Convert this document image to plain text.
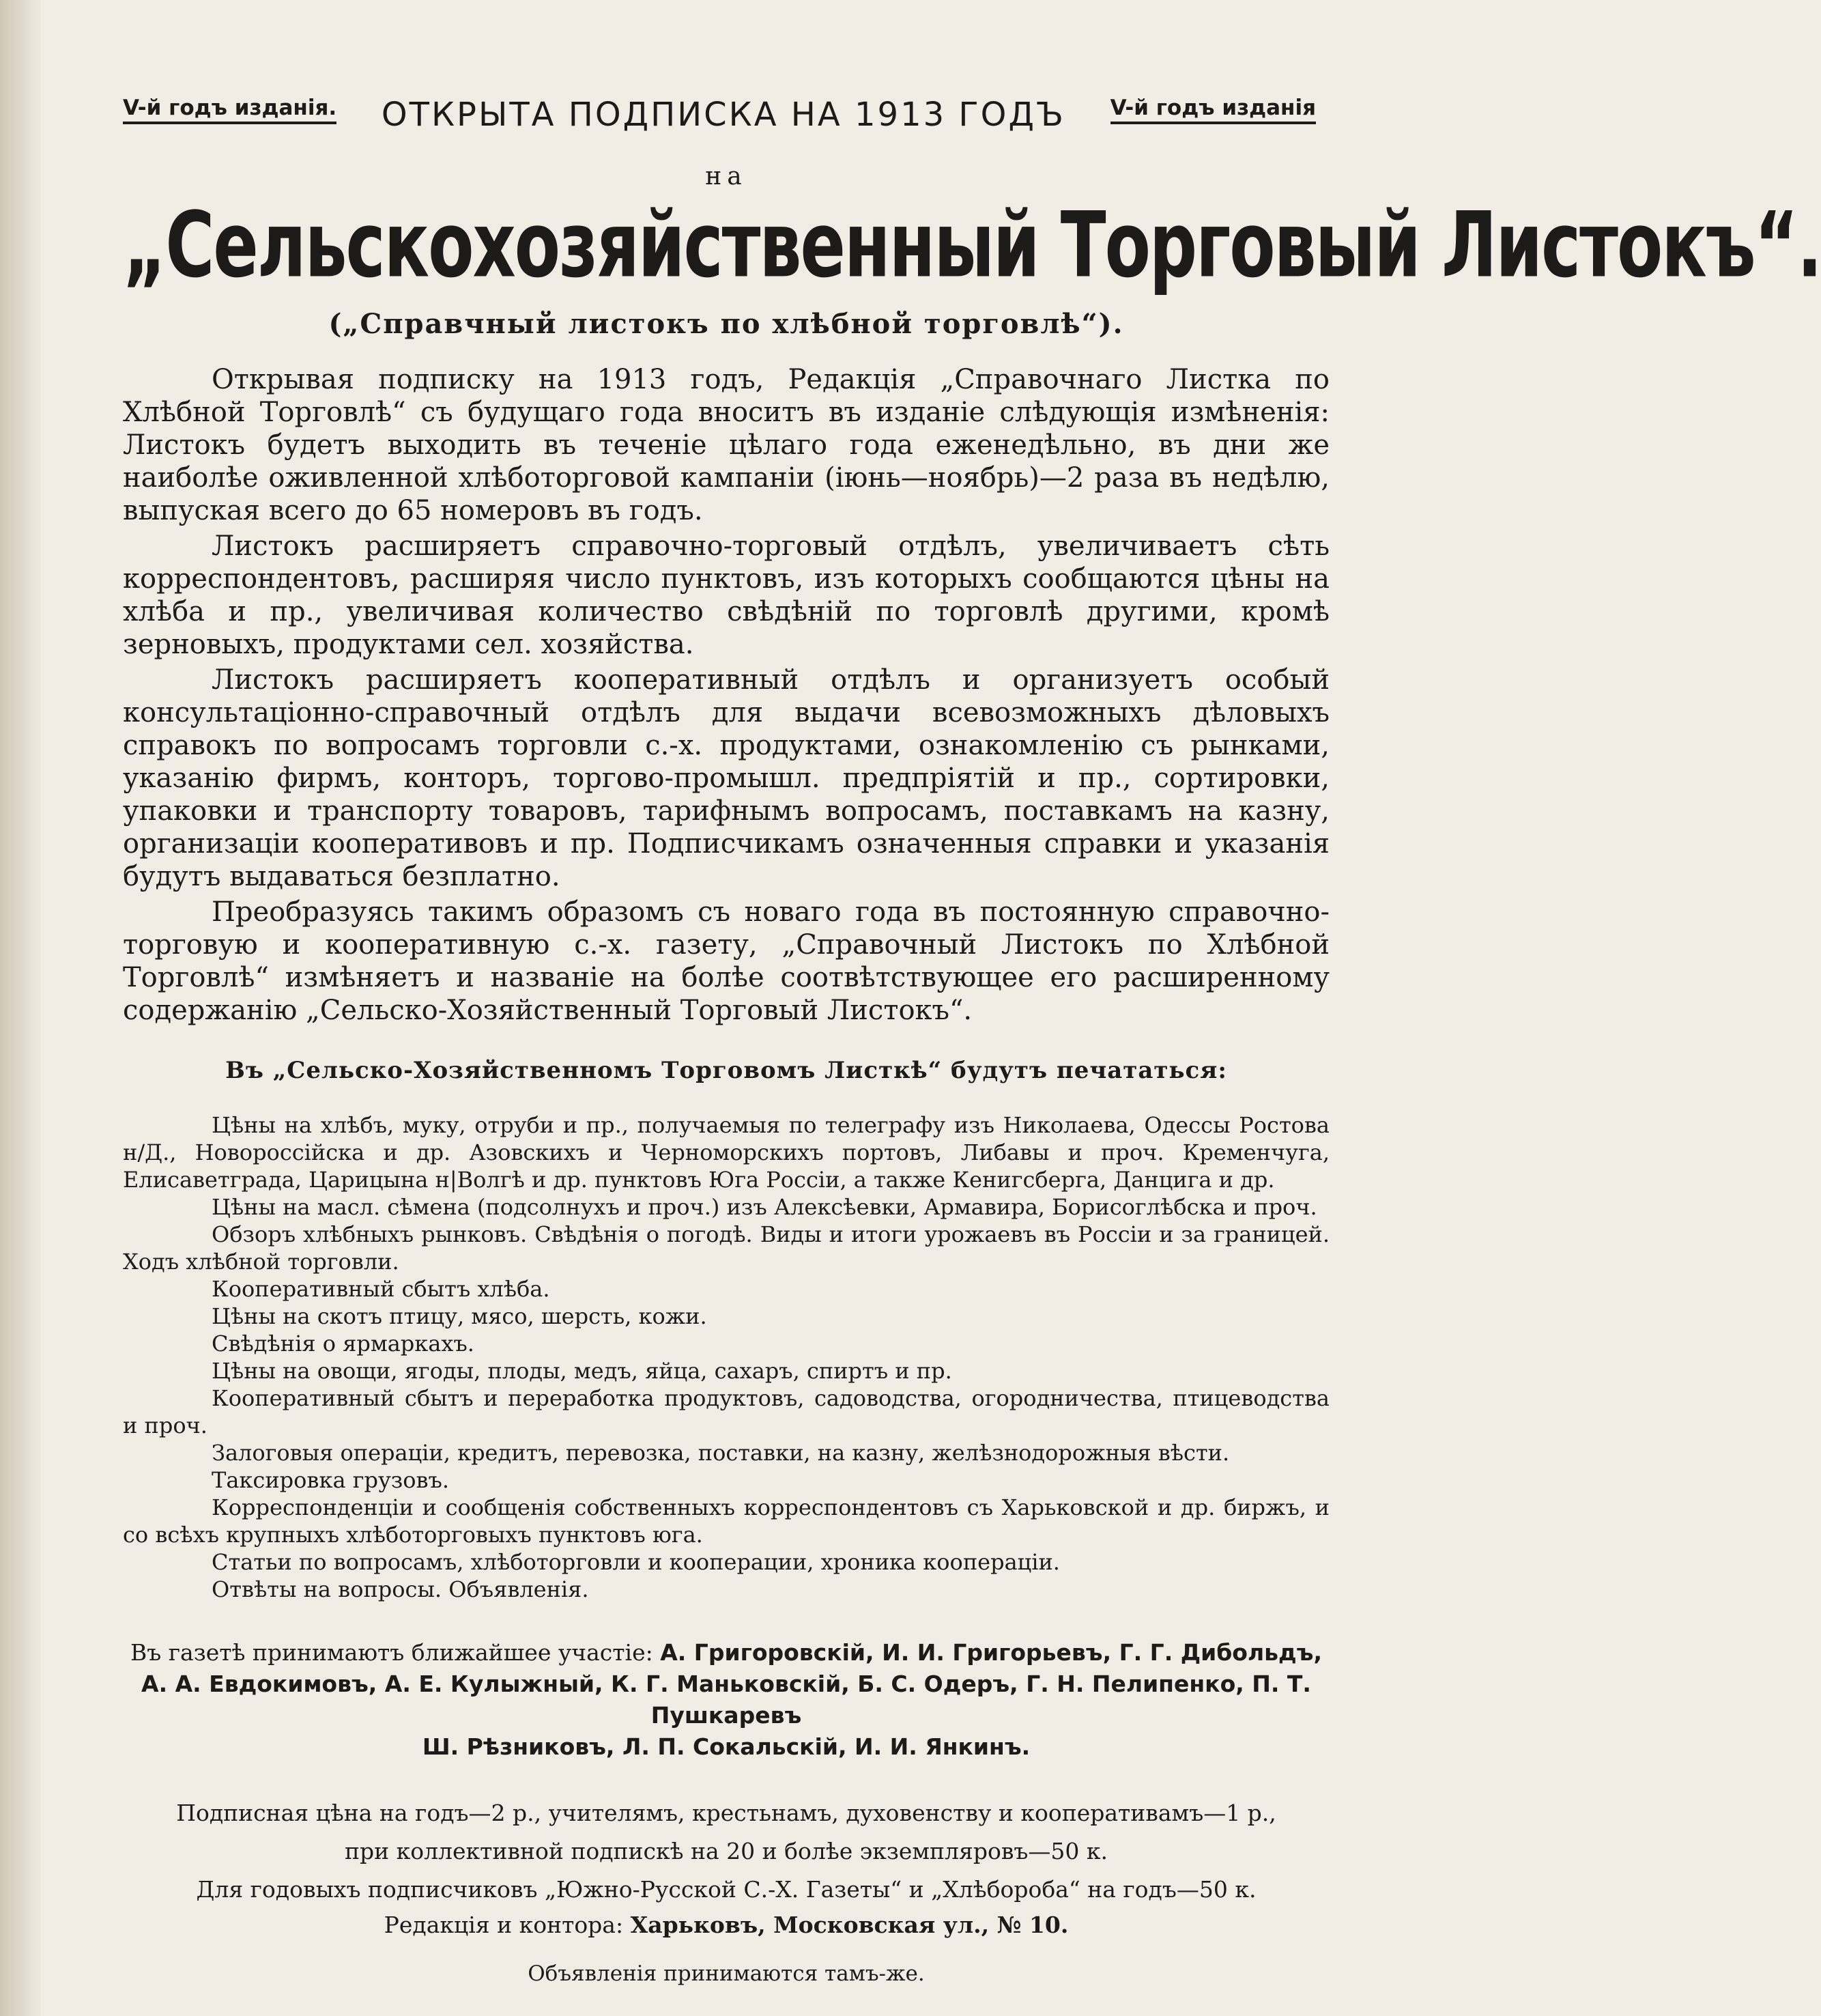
V-й годъ изданія. ОТКРЫТА ПОДПИСКА НА 1913 ГОДЪ V-й годъ изданія
на
„Сельскохозяйственный Торговый Листокъ“.
(„Справчный листокъ по хлѣбной торговлѣ“).

Открывая подписку на 1913 годъ, Редакція „Справочнаго Листка по Хлѣбной Торговлѣ“ съ будущаго года вноситъ въ изданіе слѣдующія измѣненія: Листокъ будетъ выходить въ теченіе цѣлаго года еженедѣльно, въ дни же наиболѣе оживленной хлѣботорговой кампаніи (іюнь—ноябрь)—2 раза въ недѣлю, выпуская всего до 65 номеровъ въ годъ.

Листокъ расширяетъ справочно-торговый отдѣлъ, увеличиваетъ сѣть корреспондентовъ, расширяя число пунктовъ, изъ которыхъ сообщаются цѣны на хлѣба и пр., увеличивая количество свѣдѣній по торговлѣ другими, кромѣ зерновыхъ, продуктами сел. хозяйства.

Листокъ расширяетъ кооперативный отдѣлъ и организуетъ особый консультаціонно-справочный отдѣлъ для выдачи всевозможныхъ дѣловыхъ справокъ по вопросамъ торговли с.-х. продуктами, ознакомленію съ рынками, указанію фирмъ, конторъ, торгово-промышл. предпріятій и пр., сортировки, упаковки и транспорту товаровъ, тарифнымъ вопросамъ, поставкамъ на казну, организаціи кооперативовъ и пр. Подписчикамъ означенныя справки и указанія будутъ выдаваться безплатно.

Преобразуясь такимъ образомъ съ новаго года въ постоянную справочно-торговую и кооперативную с.-х. газету, „Справочный Листокъ по Хлѣбной Торговлѣ“ измѣняетъ и названіе на болѣе соотвѣтствующее его расширенному содержанію „Сельско-Хозяйственный Торговый Листокъ“.

Въ „Сельско-Хозяйственномъ Торговомъ Листкѣ“ будутъ печататься:

Цѣны на хлѣбъ, муку, отруби и пр., получаемыя по телеграфу изъ Николаева, Одессы Ростова н/Д., Новороссійска и др. Азовскихъ и Черноморскихъ портовъ, Либавы и проч. Кременчуга, Елисаветграда, Царицына н|Волгѣ и др. пунктовъ Юга Россіи, а также Кенигсберга, Данцига и др.

Цѣны на масл. сѣмена (подсолнухъ и проч.) изъ Алексѣевки, Армавира, Борисоглѣбска и проч.

Обзоръ хлѣбныхъ рынковъ. Свѣдѣнія о погодѣ. Виды и итоги урожаевъ въ Россіи и за границей. Ходъ хлѣбной торговли.

Кооперативный сбытъ хлѣба.

Цѣны на скотъ птицу, мясо, шерсть, кожи.

Свѣдѣнія о ярмаркахъ.

Цѣны на овощи, ягоды, плоды, медъ, яйца, сахаръ, спиртъ и пр.

Кооперативный сбытъ и переработка продуктовъ, садоводства, огородничества, птицеводства и проч.

Залоговыя операціи, кредитъ, перевозка, поставки, на казну, желѣзнодорожныя вѣсти.

Таксировка грузовъ.

Корреспонденціи и сообщенія собственныхъ корреспондентовъ съ Харьковской и др. биржъ, и со всѣхъ крупныхъ хлѣботорговыхъ пунктовъ юга.

Статьи по вопросамъ, хлѣботорговли и кооперации, хроника коопераціи.

Отвѣты на вопросы. Объявленія.

Въ газетѣ принимаютъ ближайшее участіе: А. Григоровскій, И. И. Григорьевъ, Г. Г. Дибольдъ,
А. А. Евдокимовъ, А. Е. Кулыжный, К. Г. Маньковскій, Б. С. Одеръ, Г. Н. Пелипенко, П. Т. Пушкаревъ
Ш. Рѣзниковъ, Л. П. Сокальскій, И. И. Янкинъ.

Подписная цѣна на годъ—2 р., учителямъ, крестьнамъ, духовенству и кооперативамъ—1 р.,

при коллективной подпискѣ на 20 и болѣе экземпляровъ—50 к.

Для годовыхъ подписчиковъ „Южно-Русской С.-Х. Газеты“ и „Хлѣбороба“ на годъ—50 к.

Редакція и контора: Харьковъ, Московская ул., № 10.
Объявленія принимаются тамъ-же.
